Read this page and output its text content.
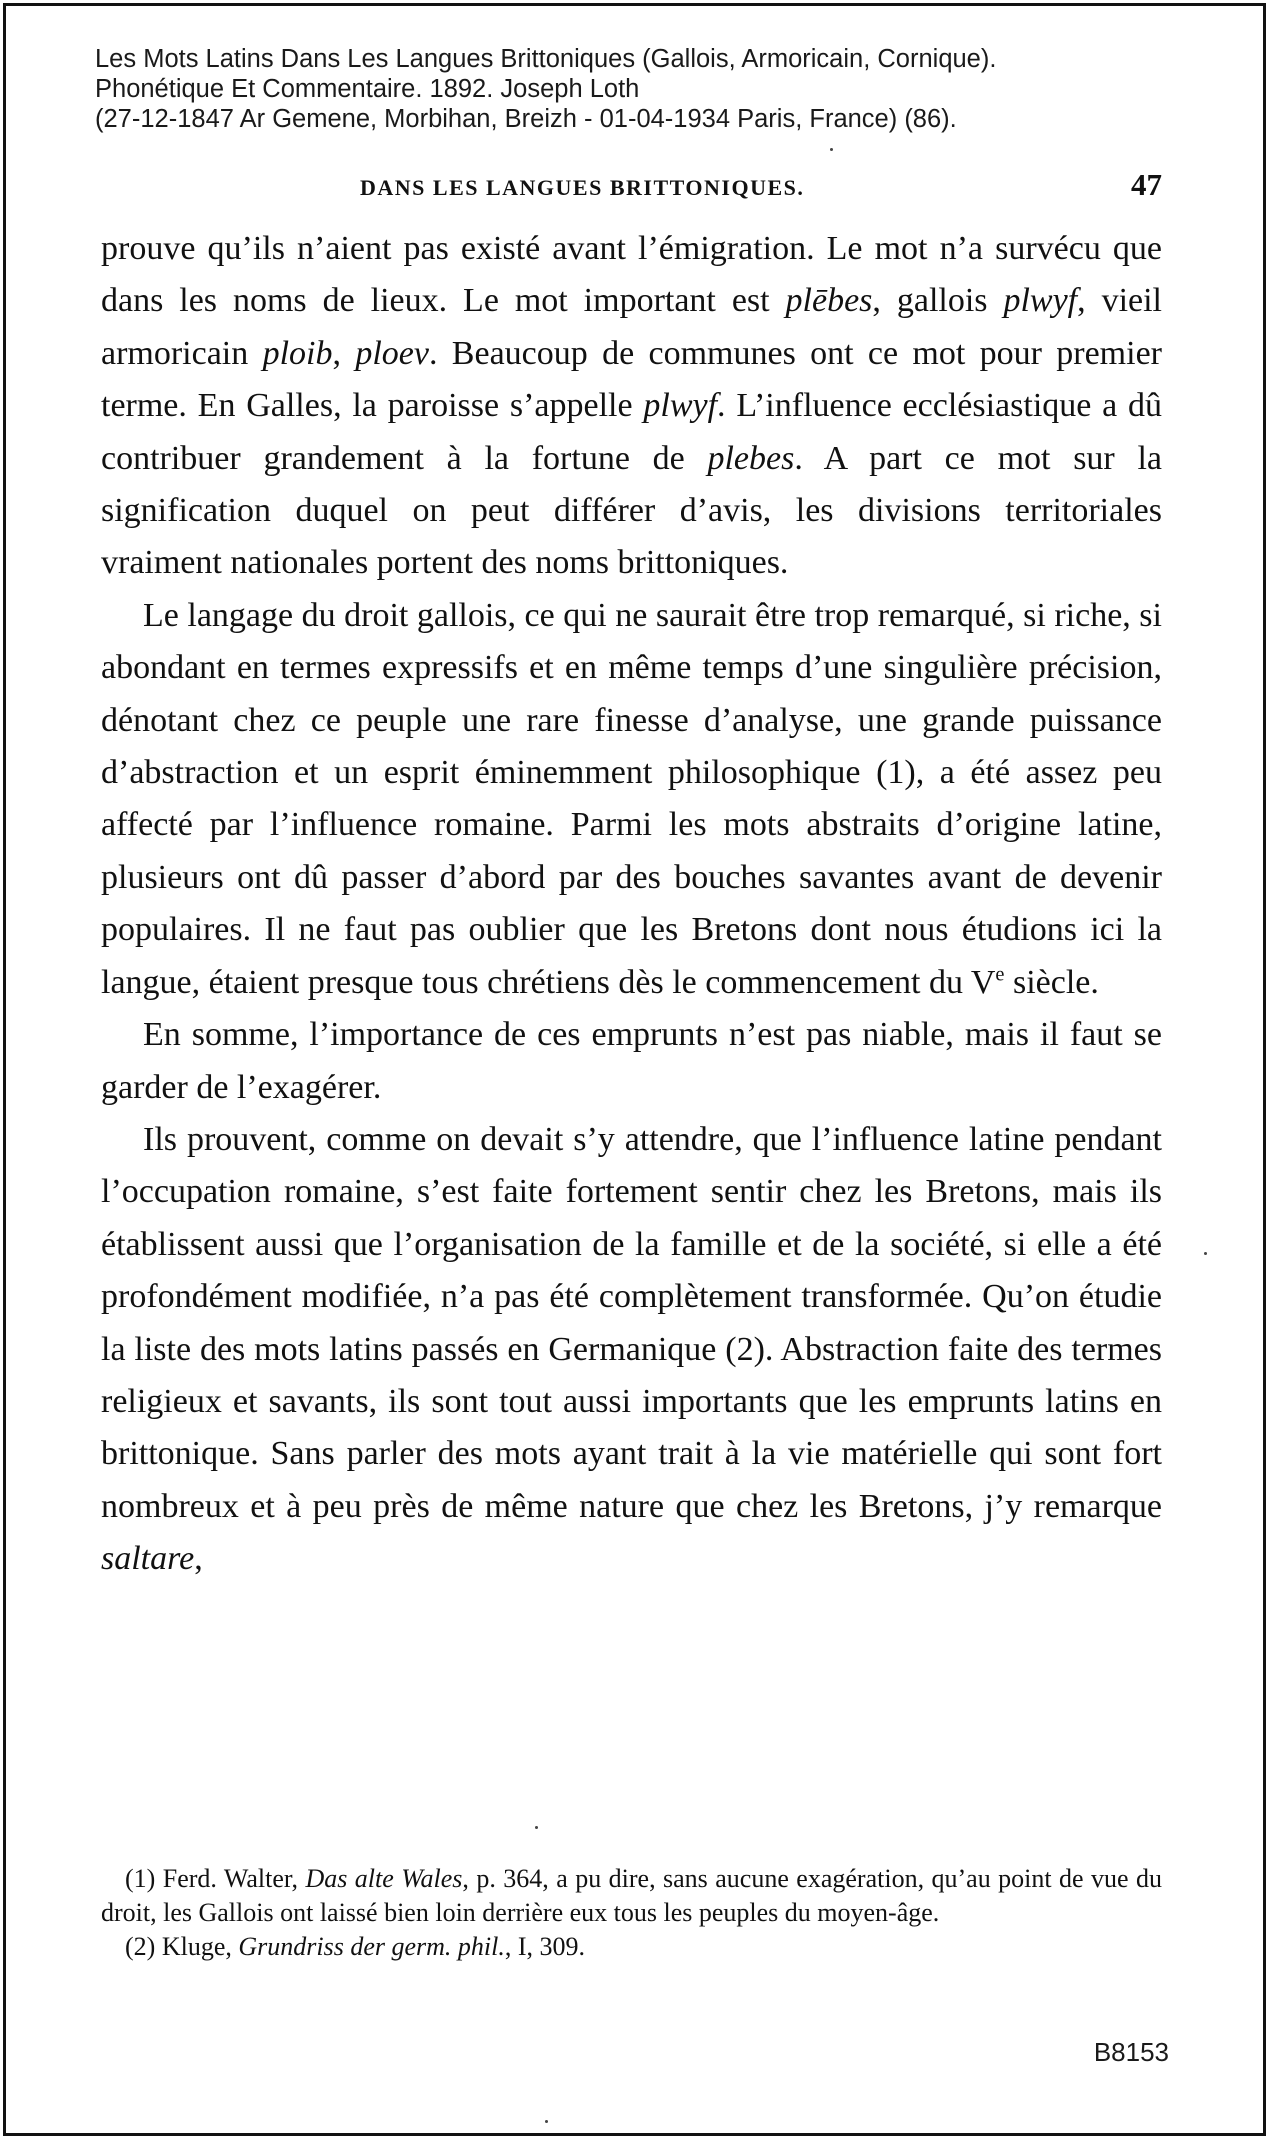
Les Mots Latins Dans Les Langues Brittoniques (Gallois, Armoricain, Cornique).

Phonétique Et Commentaire. 1892. Joseph Loth

(27-12-1847 Ar Gemene, Morbihan, Breizh - 01-04-1934 Paris, France) (86).

DANS LES LANGUES BRITTONIQUES.	47

prouve qu’ils n’aient pas existé avant l’émigration. Le mot n’a survécu que dans les noms de lieux. Le mot important est plēbes, gallois plwyf, vieil armoricain ploib, ploev. Beaucoup de communes ont ce mot pour premier terme. En Galles, la paroisse s’appelle plwyf. L’influence ecclésiastique a dû contribuer grandement à la fortune de plebes. A part ce mot sur la signification duquel on peut différer d’avis, les divisions territoriales vraiment nationales portent des noms brittoniques.

Le langage du droit gallois, ce qui ne saurait être trop remarqué, si riche, si abondant en termes expressifs et en même temps d’une singulière précision, dénotant chez ce peuple une rare finesse d’analyse, une grande puissance d’abstraction et un esprit éminemment philosophique (1), a été assez peu affecté par l’influence romaine. Parmi les mots abstraits d’origine latine, plusieurs ont dû passer d’abord par des bouches savantes avant de devenir populaires. Il ne faut pas oublier que les Bretons dont nous étudions ici la langue, étaient presque tous chrétiens dès le commencement du Ve siècle.

En somme, l’importance de ces emprunts n’est pas niable, mais il faut se garder de l’exagérer.

Ils prouvent, comme on devait s’y attendre, que l’influence latine pendant l’occupation romaine, s’est faite fortement sentir chez les Bretons, mais ils établissent aussi que l’organisation de la famille et de la société, si elle a été profondément modifiée, n’a pas été complètement transformée. Qu’on étudie la liste des mots latins passés en Germanique (2). Abstraction faite des termes religieux et savants, ils sont tout aussi importants que les emprunts latins en brittonique. Sans parler des mots ayant trait à la vie matérielle qui sont fort nombreux et à peu près de même nature que chez les Bretons, j’y remarque saltare,

(1) Ferd. Walter, Das alte Wales, p. 364, a pu dire, sans aucune exagération, qu’au point de vue du droit, les Gallois ont laissé bien loin derrière eux tous les peuples du moyen-âge.

(2) Kluge, Grundriss der germ. phil., I, 309.

B8153
